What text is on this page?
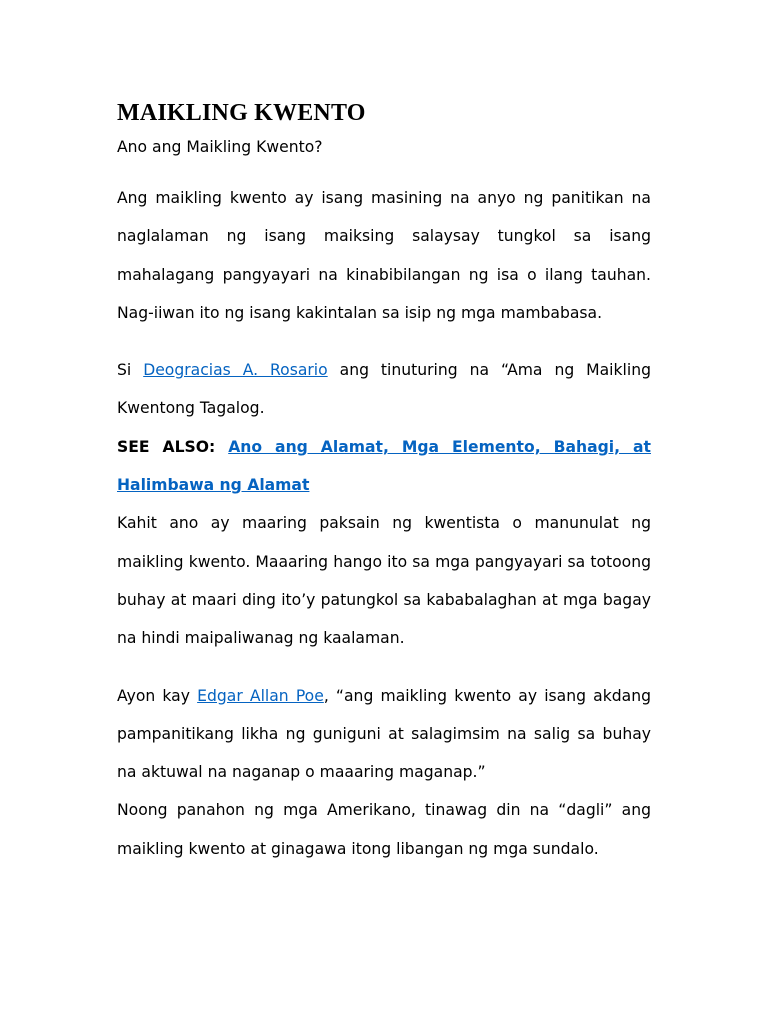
MAIKLING KWENTO

Ano ang Maikling Kwento?

Ang maikling kwento ay isang masining na anyo ng panitikan na naglalaman ng isang maiksing salaysay tungkol sa isang mahalagang pangyayari na kinabibilangan ng isa o ilang tauhan. Nag-iiwan ito ng isang kakintalan sa isip ng mga mambabasa.

Si Deogracias A. Rosario ang tinuturing na “Ama ng Maikling Kwentong Tagalog.

SEE ALSO: Ano ang Alamat, Mga Elemento, Bahagi, at Halimbawa ng Alamat

Kahit ano ay maaring paksain ng kwentista o manunulat ng maikling kwento. Maaaring hango ito sa mga pangyayari sa totoong buhay at maari ding ito’y patungkol sa kababalaghan at mga bagay na hindi maipaliwanag ng kaalaman.

Ayon kay Edgar Allan Poe, “ang maikling kwento ay isang akdang pampanitikang likha ng guniguni at salagimsim na salig sa buhay na aktuwal na naganap o maaaring maganap.”

Noong panahon ng mga Amerikano, tinawag din na “dagli” ang maikling kwento at ginagawa itong libangan ng mga sundalo.
